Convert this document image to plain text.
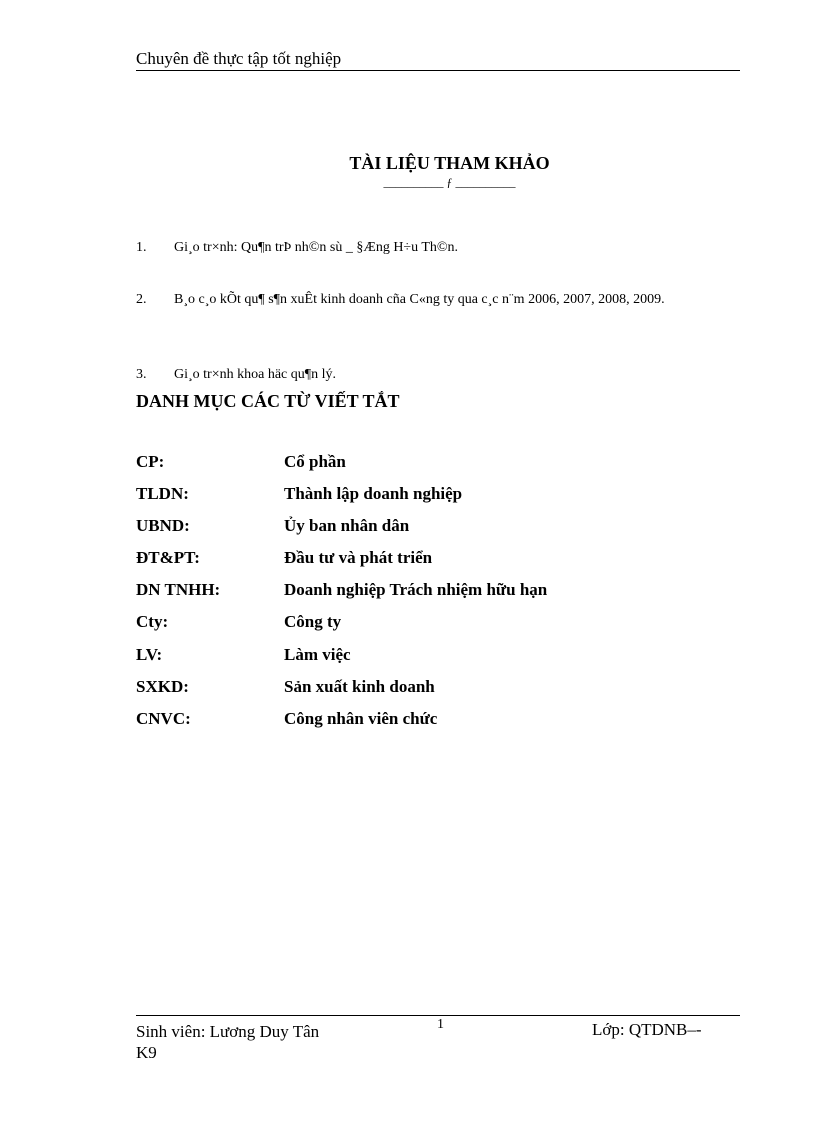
Chuyên đề thực tập tốt nghiệp
TÀI LIỆU THAM KHẢO
__________ ƒ __________
1. Gi¸o tr×nh: Qu¶n trÞ nh©n sù _ §Æng H÷u Th©n.
2. B¸o c¸o kÕt qu¶ s¶n xuÊt kinh doanh cña C«ng ty qua c¸c n¨m 2006, 2007, 2008, 2009.
3. Gi¸o tr×nh khoa häc qu¶n lý.
DANH MỤC CÁC TỪ VIẾT TẮT
CP:	Cổ phần
TLDN:	Thành lập doanh nghiệp
UBND:	Ủy ban nhân dân
ĐT&PT:	Đầu tư và phát triển
DN TNHH:	Doanh nghiệp Trách nhiệm hữu hạn
Cty:	Công ty
LV:	Làm việc
SXKD:	Sản xuất kinh doanh
CNVC:	Công nhân viên chức
Sinh viên: Lương Duy Tân
K9
1	Lớp: QTDNB–-
